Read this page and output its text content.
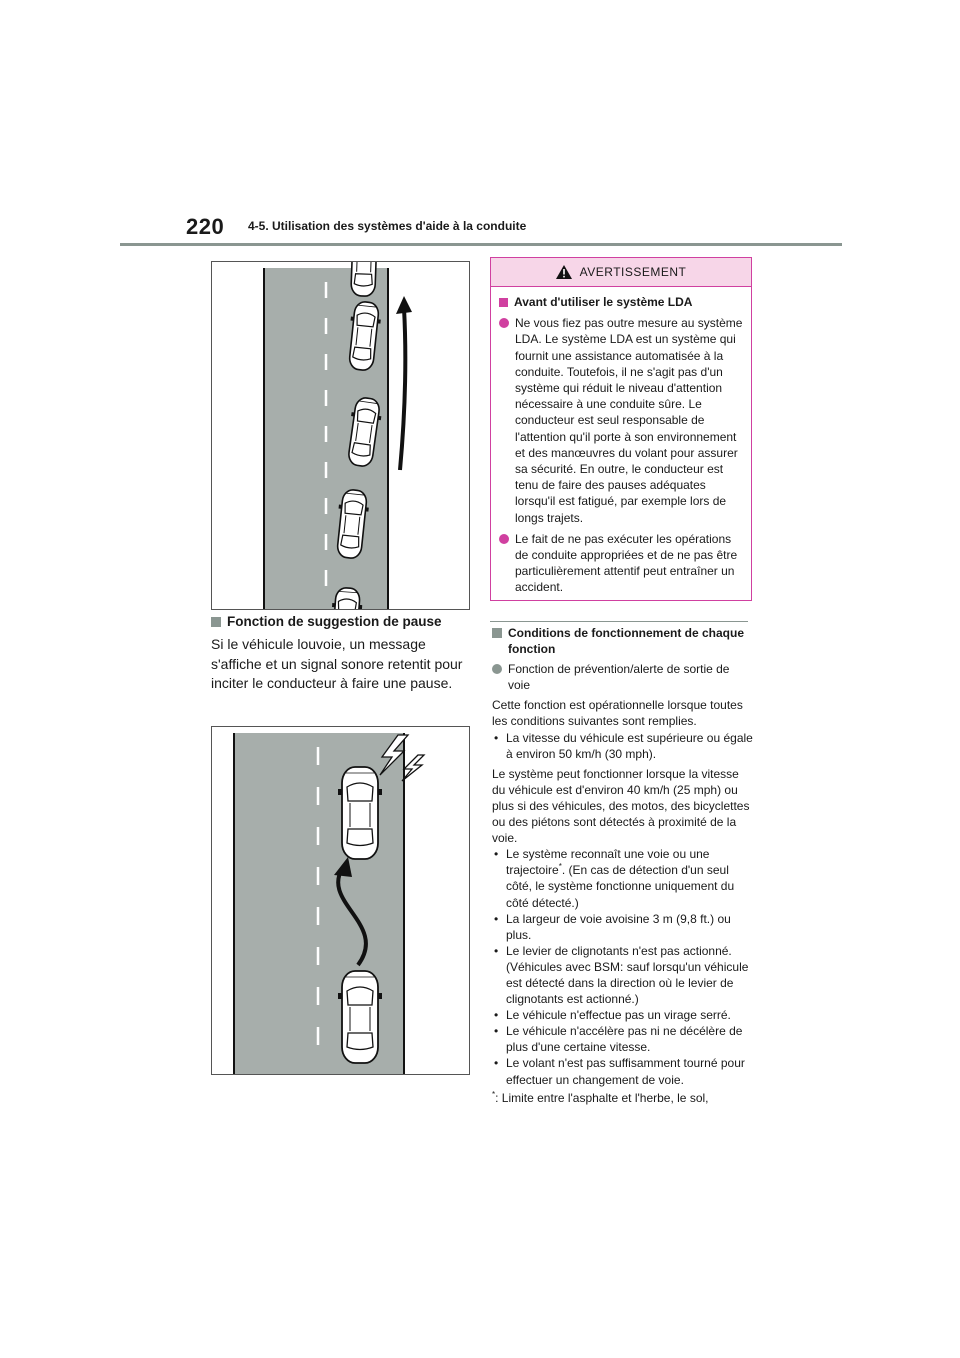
220 4-5. Utilisation des systèmes d'aide à la conduite
Fonction de suggestion de pause
Si le véhicule louvoie, un message s'affiche et un signal sonore retentit pour inciter le conducteur à faire une pause.
AVERTISSEMENT
Avant d'utiliser le système LDA
Ne vous fiez pas outre mesure au système LDA. Le système LDA est un système qui fournit une assistance automatisée à la conduite. Toutefois, il ne s'agit pas d'un système qui réduit le niveau d'attention nécessaire à une conduite sûre. Le conducteur est seul responsable de l'attention qu'il porte à son environnement et des manœuvres du volant pour assurer sa sécurité. En outre, le conducteur est tenu de faire des pauses adéquates lorsqu'il est fatigué, par exemple lors de longs trajets.
Le fait de ne pas exécuter les opérations de conduite appropriées et de ne pas être particulièrement attentif peut entraîner un accident.
Conditions de fonctionnement de chaque fonction
Fonction de prévention/alerte de sortie de voie
Cette fonction est opérationnelle lorsque toutes les conditions suivantes sont remplies.
• La vitesse du véhicule est supérieure ou égale à environ 50 km/h (30 mph).
Le système peut fonctionner lorsque la vitesse du véhicule est d'environ 40 km/h (25 mph) ou plus si des véhicules, des motos, des bicyclettes ou des piétons sont détectés à proximité de la voie.
• Le système reconnaît une voie ou une trajectoire*. (En cas de détection d'un seul côté, le système fonctionne uniquement du côté détecté.)
• La largeur de voie avoisine 3 m (9,8 ft.) ou plus.
• Le levier de clignotants n'est pas actionné. (Véhicules avec BSM: sauf lorsqu'un véhicule est détecté dans la direction où le levier de clignotants est actionné.)
• Le véhicule n'effectue pas un virage serré.
• Le véhicule n'accélère pas ni ne décélère de plus d'une certaine vitesse.
• Le volant n'est pas suffisamment tourné pour effectuer un changement de voie.
*: Limite entre l'asphalte et l'herbe, le sol,
